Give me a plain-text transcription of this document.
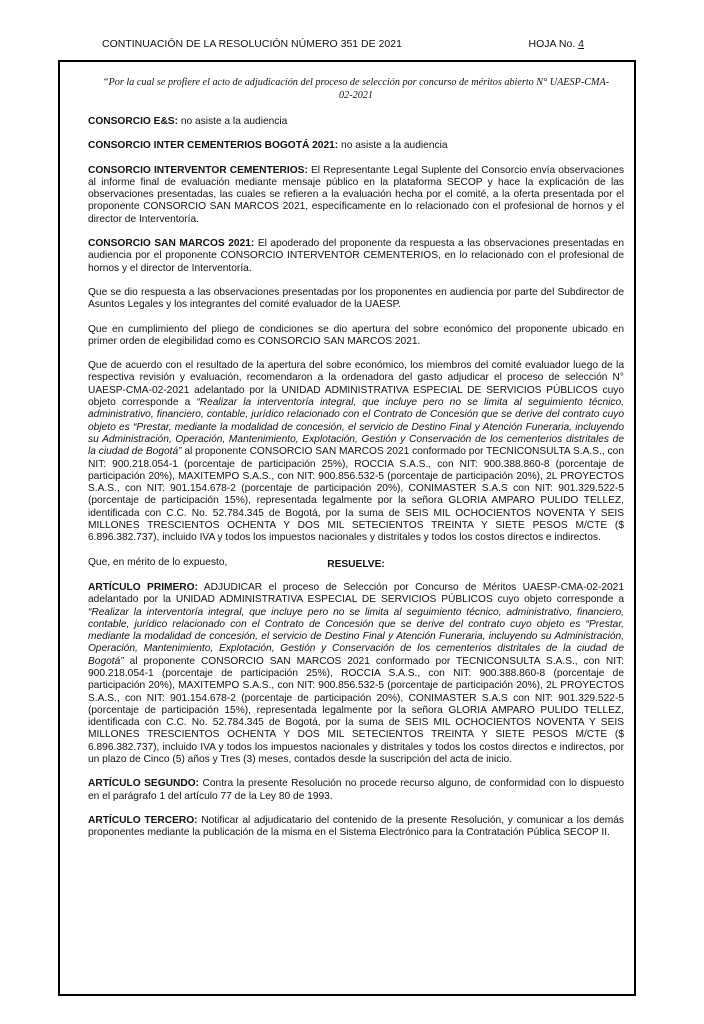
CONTINUACIÓN DE LA RESOLUCIÓN NÚMERO 351 DE 2021	HOJA No. 4

“Por la cual se profiere el acto de adjudicación del proceso de selección por concurso de méritos abierto N° UAESP-CMA-02-2021

CONSORCIO E&S: no asiste a la audiencia

CONSORCIO INTER CEMENTERIOS BOGOTÁ 2021: no asiste a la audiencia

CONSORCIO INTERVENTOR CEMENTERIOS: El Representante Legal Suplente del Consorcio envía observaciones al informe final de evaluación mediante mensaje público en la plataforma SECOP y hace la explicación de las observaciones presentadas, las cuales se refieren a la evaluación hecha por el comité, a la oferta presentada por el proponente CONSORCIO SAN MARCOS 2021, específicamente en lo relacionado con el profesional de hornos y el director de Interventoría.

CONSORCIO SAN MARCOS 2021: El apoderado del proponente da respuesta a las observaciones presentadas en audiencia por el proponente CONSORCIO INTERVENTOR CEMENTERIOS, en lo relacionado con el profesional de hornos y el director de Interventoría.

Que se dio respuesta a las observaciones presentadas por los proponentes en audiencia por parte del Subdirector de Asuntos Legales y los integrantes del comité evaluador de la UAESP.

Que en cumplimiento del pliego de condiciones se dio apertura del sobre económico del proponente ubicado en primer orden de elegibilidad como es CONSORCIO SAN MARCOS 2021.

Que de acuerdo con el resultado de la apertura del sobre económico, los miembros del comité evaluador luego de la respectiva revisión y evaluación, recomendaron a la ordenadora del gasto adjudicar el proceso de selección N° UAESP-CMA-02-2021 adelantado por la UNIDAD ADMINISTRATIVA ESPECIAL DE SERVICIOS PÚBLICOS cuyo objeto corresponde a “Realizar la interventoría integral, que incluye pero no se limita al seguimiento técnico, administrativo, financiero, contable, jurídico relacionado con el Contrato de Concesión que se derive del contrato cuyo objeto es “Prestar, mediante la modalidad de concesión, el servicio de Destino Final y Atención Funeraria, incluyendo su Administración, Operación, Mantenimiento, Explotación, Gestión y Conservación de los cementerios distritales de la ciudad de Bogotá” al proponente CONSORCIO SAN MARCOS 2021 conformado por TECNICONSULTA S.A.S., con NIT: 900.218.054-1 (porcentaje de participación 25%), ROCCIA S.A.S., con NIT: 900.388.860-8 (porcentaje de participación 20%), MAXITEMPO S.A.S., con NIT: 900.856.532-5 (porcentaje de participación 20%), 2L PROYECTOS S.A.S., con NIT: 901.154.678-2 (porcentaje de participación 20%), CONIMASTER S.A.S con NIT: 901.329.522-5 (porcentaje de participación 15%), representada legalmente por la señora GLORIA AMPARO PULIDO TELLEZ, identificada con C.C. No. 52.784.345 de Bogotá, por la suma de SEIS MIL OCHOCIENTOS NOVENTA Y SEIS MILLONES TRESCIENTOS OCHENTA Y DOS MIL SETECIENTOS TREINTA Y SIETE PESOS M/CTE ($ 6.896.382.737), incluido IVA y todos los impuestos nacionales y distritales y todos los costos directos e indirectos.

Que, en mérito de lo expuesto,	RESUELVE:

ARTÍCULO PRIMERO: ADJUDICAR el proceso de Selección por Concurso de Méritos UAESP-CMA-02-2021 adelantado por la UNIDAD ADMINISTRATIVA ESPECIAL DE SERVICIOS PÚBLICOS cuyo objeto corresponde a “Realizar la interventoría integral, que incluye pero no se limita al seguimiento técnico, administrativo, financiero, contable, jurídico relacionado con el Contrato de Concesión que se derive del contrato cuyo objeto es “Prestar, mediante la modalidad de concesión, el servicio de Destino Final y Atención Funeraria, incluyendo su Administración, Operación, Mantenimiento, Explotación, Gestión y Conservación de los cementerios distritales de la ciudad de Bogotá” al proponente CONSORCIO SAN MARCOS 2021 conformado por TECNICONSULTA S.A.S., con NIT: 900.218.054-1 (porcentaje de participación 25%), ROCCIA S.A.S., con NIT: 900.388.860-8 (porcentaje de participación 20%), MAXITEMPO S.A.S., con NIT: 900.856.532-5 (porcentaje de participación 20%), 2L PROYECTOS S.A.S., con NIT: 901.154.678-2 (porcentaje de participación 20%), CONIMASTER S.A.S con NIT: 901.329.522-5 (porcentaje de participación 15%), representada legalmente por la señora GLORIA AMPARO PULIDO TELLEZ, identificada con C.C. No. 52.784.345 de Bogotá, por la suma de SEIS MIL OCHOCIENTOS NOVENTA Y SEIS MILLONES TRESCIENTOS OCHENTA Y DOS MIL SETECIENTOS TREINTA Y SIETE PESOS M/CTE ($ 6.896.382.737), incluido IVA y todos los impuestos nacionales y distritales y todos los costos directos e indirectos, por un plazo de Cinco (5) años y Tres (3) meses, contados desde la suscripción del acta de inicio.

ARTÍCULO SEGUNDO: Contra la presente Resolución no procede recurso alguno, de conformidad con lo dispuesto en el parágrafo 1 del artículo 77 de la Ley 80 de 1993.

ARTÍCULO TERCERO: Notificar al adjudicatario del contenido de la presente Resolución, y comunicar a los demás proponentes mediante la publicación de la misma en el Sistema Electrónico para la Contratación Pública SECOP II.
